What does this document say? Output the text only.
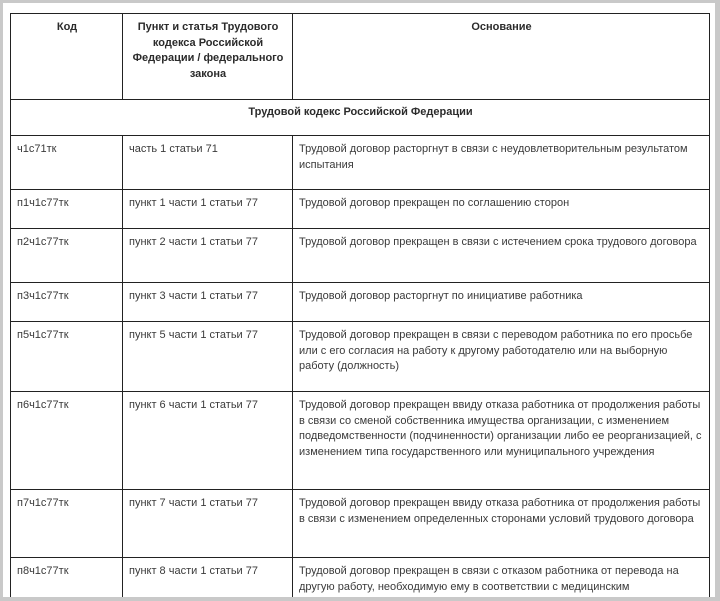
Код	Пункт и статья Трудового кодекса Российской Федерации / федерального закона	Основание
Трудовой кодекс Российской Федерации		
ч1с71тк	часть 1 статьи 71	Трудовой договор расторгнут в связи с неудовлетворительным результатом испытания
п1ч1с77тк	пункт 1 части 1 статьи 77	Трудовой договор прекращен по соглашению сторон
п2ч1с77тк	пункт 2 части 1 статьи 77	Трудовой договор прекращен в связи с истечением срока трудового договора
п3ч1с77тк	пункт 3 части 1 статьи 77	Трудовой договор расторгнут по инициативе работника
п5ч1с77тк	пункт 5 части 1 статьи 77	Трудовой договор прекращен в связи с переводом работника по его просьбе или с его согласия на работу к другому работодателю или на выборную работу (должность)
п6ч1с77тк	пункт 6 части 1 статьи 77	Трудовой договор прекращен ввиду отказа работника от продолжения работы в связи со сменой собственника имущества организации, с изменением подведомственности (подчиненности) организации либо ее реорганизацией, с изменением типа государственного или муниципального учреждения
п7ч1с77тк	пункт 7 части 1 статьи 77	Трудовой договор прекращен ввиду отказа работника от продолжения работы в связи с изменением определенных сторонами условий трудового договора
п8ч1с77тк	пункт 8 части 1 статьи 77	Трудовой договор прекращен в связи с отказом работника от перевода на другую работу, необходимую ему в соответствии с медицинским
